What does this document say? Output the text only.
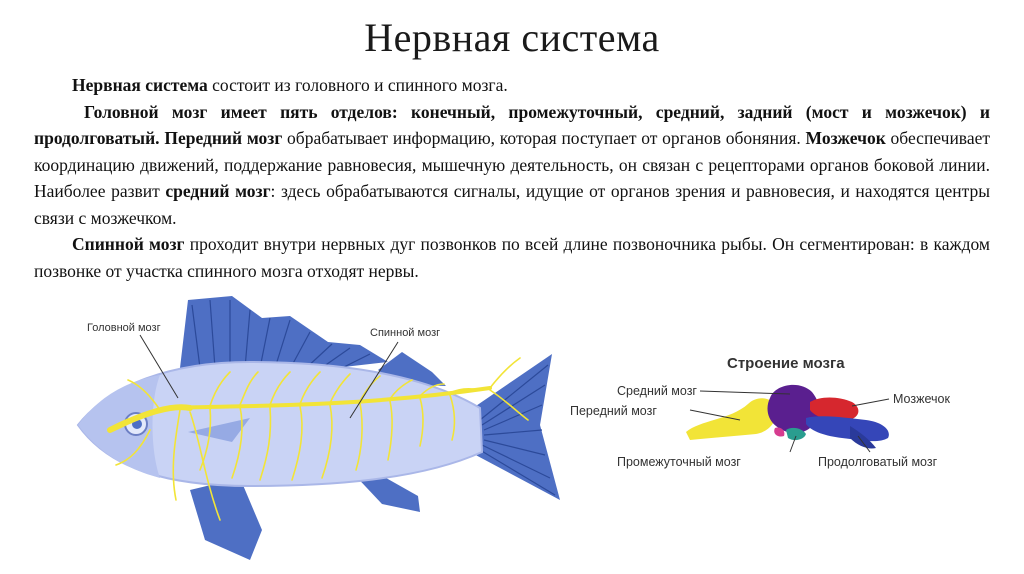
Нервная система

Нервная система состоит из головного и спинного мозга.

Головной мозг имеет пять отделов: конечный, промежуточный, средний, задний (мост и мозжечок) и продолговатый. Передний мозг обрабатывает информацию, которая поступает от органов обоняния. Мозжечок обеспечивает координацию движений, поддержание равновесия, мышечную деятельность, он связан с рецепторами органов боковой линии. Наиболее развит средний мозг: здесь обрабатываются сигналы, идущие от органов зрения и равновесия, и находятся центры связи с мозжечком.

Спинной мозг проходит внутри нервных дуг позвонков по всей длине позвоночника рыбы. Он сегментирован: в каждом позвонке от участка спинного мозга отходят нервы.

Головной мозг	Спинной мозг
Строение мозга
Средний мозг
Передний мозг
Мозжечок
Промежуточный мозг	Продолговатый мозг
